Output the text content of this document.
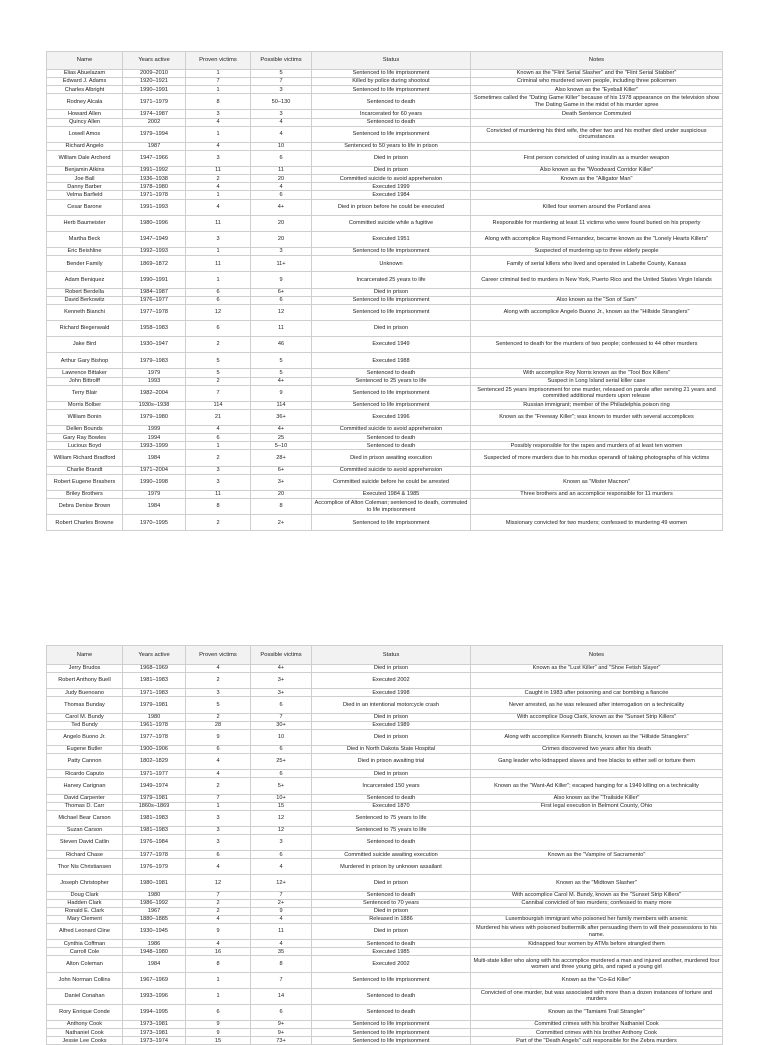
Name	Years active	Proven victims	Possible victims	Status	Notes
Elias Abuelazam	2009–2010	1	5	Sentenced to life imprisonment	Known as the "Flint Serial Slasher" and the "Flint Serial Stabber"
Edward J. Adams	1920–1921	7	7	Killed by police during shootout	Criminal who murdered seven people, including three policemen
Charles Albright	1990–1991	1	3	Sentenced to life imprisonment	Also known as the "Eyeball Killer"
Rodney Alcala	1971–1979	8	50–130	Sentenced to death	Sometimes called the "Dating Game Killer" because of his 1978 appearance on the television show The Dating Game in the midst of his murder spree
Howard Allen	1974–1987	3	3	Incarcerated for 60 years	Death Sentence Commuted
Quincy Allen	2002	4	4	Sentenced to death	
Lowell Amos	1979–1994	1	4	Sentenced to life imprisonment	Convicted of murdering his third wife, the other two and his mother died under suspicious circumstances
Richard Angelo	1987	4	10	Sentenced to 50 years to life in prison	
William Dale Archerd	1947–1966	3	6	Died in prison	First person convicted of using insulin as a murder weapon
Benjamin Atkins	1991–1992	11	11	Died in prison	Also known as the "Woodward Corridor Killer"
Joe Ball	1936–1938	2	20	Committed suicide to avoid apprehension	Known as the "Alligator Man"
Danny Barber	1978–1980	4	4	Executed 1999	
Velma Barfield	1971–1978	1	6	Executed 1984	
Cesar Barone	1991–1993	4	4+	Died in prison before he could be executed	Killed four women around the Portland area
Herb Baumeister	1980–1996	11	20	Committed suicide while a fugitive	Responsible for murdering at least 11 victims who were found buried on his property
Martha Beck	1947–1949	3	20	Executed 1951	Along with accomplice Raymond Fernandez, became known as the "Lonely Hearts Killers"
Eric Beishline	1992–1993	1	3	Sentenced to life imprisonment	Suspected of murdering up to three elderly people
Bender Family	1869–1872	11	11+	Unknown	Family of serial killers who lived and operated in Labette County, Kansas
Adam Beniquez	1990–1991	1	9	Incarcerated 25 years to life	Career criminal tied to murders in New York, Puerto Rico and the United States Virgin Islands
Robert Berdella	1984–1987	6	6+	Died in prison	
David Berkowitz	1976–1977	6	6	Sentenced to life imprisonment	Also known as the "Son of Sam"
Kenneth Bianchi	1977–1978	12	12	Sentenced to life imprisonment	Along with accomplice Angelo Buono Jr., known as the "Hillside Stranglers"
Richard Biegenwald	1958–1983	6	11	Died in prison	
Jake Bird	1930–1947	2	46	Executed 1949	Sentenced to death for the murders of two people; confessed to 44 other murders
Arthur Gary Bishop	1979–1983	5	5	Executed 1988	
Lawrence Bittaker	1979	5	5	Sentenced to death	With accomplice Roy Norris known as the "Tool Box Killers"
John Bittrolff	1993	2	4+	Sentenced to 25 years to life	Suspect in Long Island serial killer case
Terry Blair	1982–2004	7	9	Sentenced to life imprisonment	Sentenced 25 years imprisonment for one murder, released on parole after serving 21 years and committed additional murders upon release
Morris Bolber	1930s–1938	114	114	Sentenced to life imprisonment	Russian immigrant; member of the Philadelphia poison ring
William Bonin	1979–1980	21	36+	Executed 1996	Known as the "Freeway Killer"; was known to murder with several accomplices
Dellen Bounds	1999	4	4+	Committed suicide to avoid apprehension	
Gary Ray Bowles	1994	6	25	Sentenced to death	
Lucious Boyd	1993–1999	1	5–10	Sentenced to death	Possibly responsible for the rapes and murders of at least ten women
William Richard Bradford	1984	2	28+	Died in prison awaiting execution	Suspected of more murders due to his modus operandi of taking photographs of his victims
Charlie Brandt	1971–2004	3	6+	Committed suicide to avoid apprehension	
Robert Eugene Brashers	1990–1998	3	3+	Committed suicide before he could be arrested	Known as "Mister Macnon"
Briley Brothers	1979	11	20	Executed 1984 & 1985	Three brothers and an accomplice responsible for 11 murders
Debra Denise Brown	1984	8	8	Accomplice of Alton Coleman; sentenced to death, commuted to life imprisonment	
Robert Charles Browne	1970–1995	2	2+	Sentenced to life imprisonment	Missionary convicted for two murders; confessed to murdering 49 women
Name	Years active	Proven victims	Possible victims	Status	Notes
Jerry Brudos	1968–1969	4	4+	Died in prison	Known as the "Lust Killer" and "Shoe Fetish Slayer"
Robert Anthony Buell	1981–1983	2	3+	Executed 2002	
Judy Buenoano	1971–1983	3	3+	Executed 1998	Caught in 1983 after poisoning and car bombing a fiancée
Thomas Bunday	1979–1981	5	6	Died in an intentional motorcycle crash	Never arrested, as he was released after interrogation on a technicality
Carol M. Bundy	1980	2	7	Died in prison	With accomplice Doug Clark, known as the "Sunset Strip Killers"
Ted Bundy	1961–1978	28	30+	Executed 1989	
Angelo Buono Jr.	1977–1978	9	10	Died in prison	Along with accomplice Kenneth Bianchi, known as the "Hillside Stranglers"
Eugene Butler	1900–1906	6	6	Died in North Dakota State Hospital	Crimes discovered two years after his death
Patty Cannon	1802–1829	4	25+	Died in prison awaiting trial	Gang leader who kidnapped slaves and free blacks to either sell or torture them
Ricardo Caputo	1971–1977	4	6	Died in prison	
Harvey Carignan	1949–1974	2	5+	Incarcerated 150 years	Known as the "Want-Ad Killer"; escaped hanging for a 1949 killing on a technicality
David Carpenter	1979–1981	7	10+	Sentenced to death	Also known as the "Trailside Killer"
Thomas D. Carr	1860s–1869	1	15	Executed 1870	First legal execution in Belmont County, Ohio
Michael Bear Carson	1981–1983	3	12	Sentenced to 75 years to life	
Suzan Carson	1981–1983	3	12	Sentenced to 75 years to life	
Steven David Catlin	1976–1984	3	3	Sentenced to death	
Richard Chase	1977–1978	6	6	Committed suicide awaiting execution	Known as the "Vampire of Sacramento"
Thor Nis Christiansen	1976–1979	4	4	Murdered in prison by unknown assailant	
Joseph Christopher	1980–1981	12	12+	Died in prison	Known as the "Midtown Slasher"
Doug Clark	1980	7	7	Sentenced to death	With accomplice Carol M. Bundy, known as the "Sunset Strip Killers"
Hadden Clark	1986–1992	2	2+	Sentenced to 70 years	Cannibal convicted of two murders; confessed to many more
Ronald E. Clark	1967	2	9	Died in prison	
Mary Clement	1880–1885	4	4	Released in 1886	Luxembourgish immigrant who poisoned her family members with arsenic
Alfred Leonard Cline	1930–1945	9	11	Died in prison	Murdered his wives with poisoned buttermilk after persuading them to will their possessions to his name.
Cynthia Coffman	1986	4	4	Sentenced to death	Kidnapped four women by ATMs before strangled them
Carroll Cole	1948–1980	16	35	Executed 1985	
Alton Coleman	1984	8	8	Executed 2002	Multi-state killer who along with his accomplice murdered a man and injured another, murdered four women and three young girls, and raped a young girl
John Norman Collins	1967–1969	1	7	Sentenced to life imprisonment	Known as the "Co-Ed Killer"
Daniel Conahan	1993–1996	1	14	Sentenced to death	Convicted of one murder, but was associated with more than a dozen instances of torture and murders
Rory Enrique Conde	1994–1995	6	6	Sentenced to death	Known as the "Tamiami Trail Strangler"
Anthony Cook	1973–1981	9	9+	Sentenced to life imprisonment	Committed crimes with his brother Nathaniel Cook
Nathaniel Cook	1973–1981	9	9+	Sentenced to life imprisonment	Committed crimes with his brother Anthony Cook
Jessie Lee Cooks	1973–1974	15	73+	Sentenced to life imprisonment	Part of the "Death Angels" cult responsible for the Zebra murders
